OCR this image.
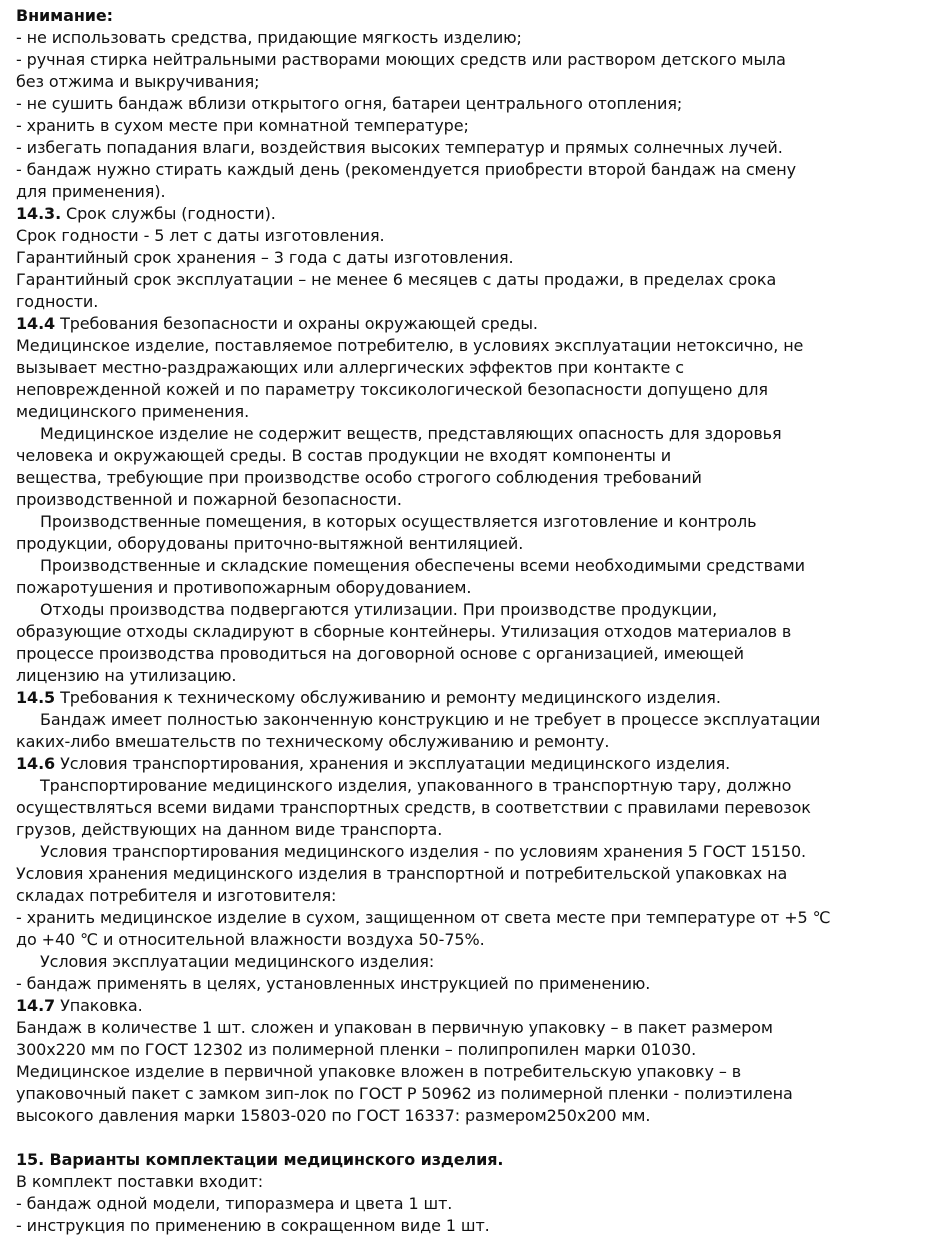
Внимание:
- не использовать средства, придающие мягкость изделию;
- ручная стирка нейтральными растворами моющих средств или раствором детского мыла
без отжима и выкручивания;
- не сушить бандаж вблизи открытого огня, батареи центрального отопления;
- хранить в сухом месте при комнатной температуре;
- избегать попадания влаги, воздействия высоких температур и прямых солнечных лучей.
- бандаж нужно стирать каждый день (рекомендуется приобрести второй бандаж на смену
для применения).
14.3. Срок службы (годности).
Срок годности - 5 лет с даты изготовления.
Гарантийный срок хранения – 3 года с даты изготовления.
Гарантийный срок эксплуатации – не менее 6 месяцев с даты продажи, в пределах срока
годности.
14.4 Требования безопасности и охраны окружающей среды.
Медицинское изделие, поставляемое потребителю, в условиях эксплуатации нетоксично, не
вызывает местно-раздражающих или аллергических эффектов при контакте с
неповрежденной кожей и по параметру токсикологической безопасности допущено для
медицинского применения.
Медицинское изделие не содержит веществ, представляющих опасность для здоровья
человека и окружающей среды. В состав продукции не входят компоненты и
вещества, требующие при производстве особо строгого соблюдения требований
производственной и пожарной безопасности.
Производственные помещения, в которых осуществляется изготовление и контроль
продукции, оборудованы приточно-вытяжной вентиляцией.
Производственные и складские помещения обеспечены всеми необходимыми средствами
пожаротушения и противопожарным оборудованием.
Отходы производства подвергаются утилизации. При производстве продукции,
образующие отходы складируют в сборные контейнеры. Утилизация отходов материалов в
процессе производства проводиться на договорной основе с организацией, имеющей
лицензию на утилизацию.
14.5 Требования к техническому обслуживанию и ремонту медицинского изделия.
Бандаж имеет полностью законченную конструкцию и не требует в процессе эксплуатации
каких-либо вмешательств по техническому обслуживанию и ремонту.
14.6 Условия транспортирования, хранения и эксплуатации медицинского изделия.
Транспортирование медицинского изделия, упакованного в транспортную тару, должно
осуществляться всеми видами транспортных средств, в соответствии с правилами перевозок
грузов, действующих на данном виде транспорта.
Условия транспортирования медицинского изделия - по условиям хранения 5 ГОСТ 15150.
Условия хранения медицинского изделия в транспортной и потребительской упаковках на
складах потребителя и изготовителя:
- хранить медицинское изделие в сухом, защищенном от света месте при температуре от +5 ℃
до +40 ℃ и относительной влажности воздуха 50-75%.
Условия эксплуатации медицинского изделия:
- бандаж применять в целях, установленных инструкцией по применению.
14.7 Упаковка.
Бандаж в количестве 1 шт. сложен и упакован в первичную упаковку – в пакет размером
300х220 мм по ГОСТ 12302 из полимерной пленки – полипропилен марки 01030.
Медицинское изделие в первичной упаковке вложен в потребительскую упаковку – в
упаковочный пакет с замком зип-лок по ГОСТ Р 50962 из полимерной пленки - полиэтилена
высокого давления марки 15803-020 по ГОСТ 16337: размером250х200 мм.
15. Варианты комплектации медицинского изделия.
В комплект поставки входит:
- бандаж одной модели, типоразмера и цвета 1 шт.
- инструкция по применению в сокращенном виде 1 шт.
